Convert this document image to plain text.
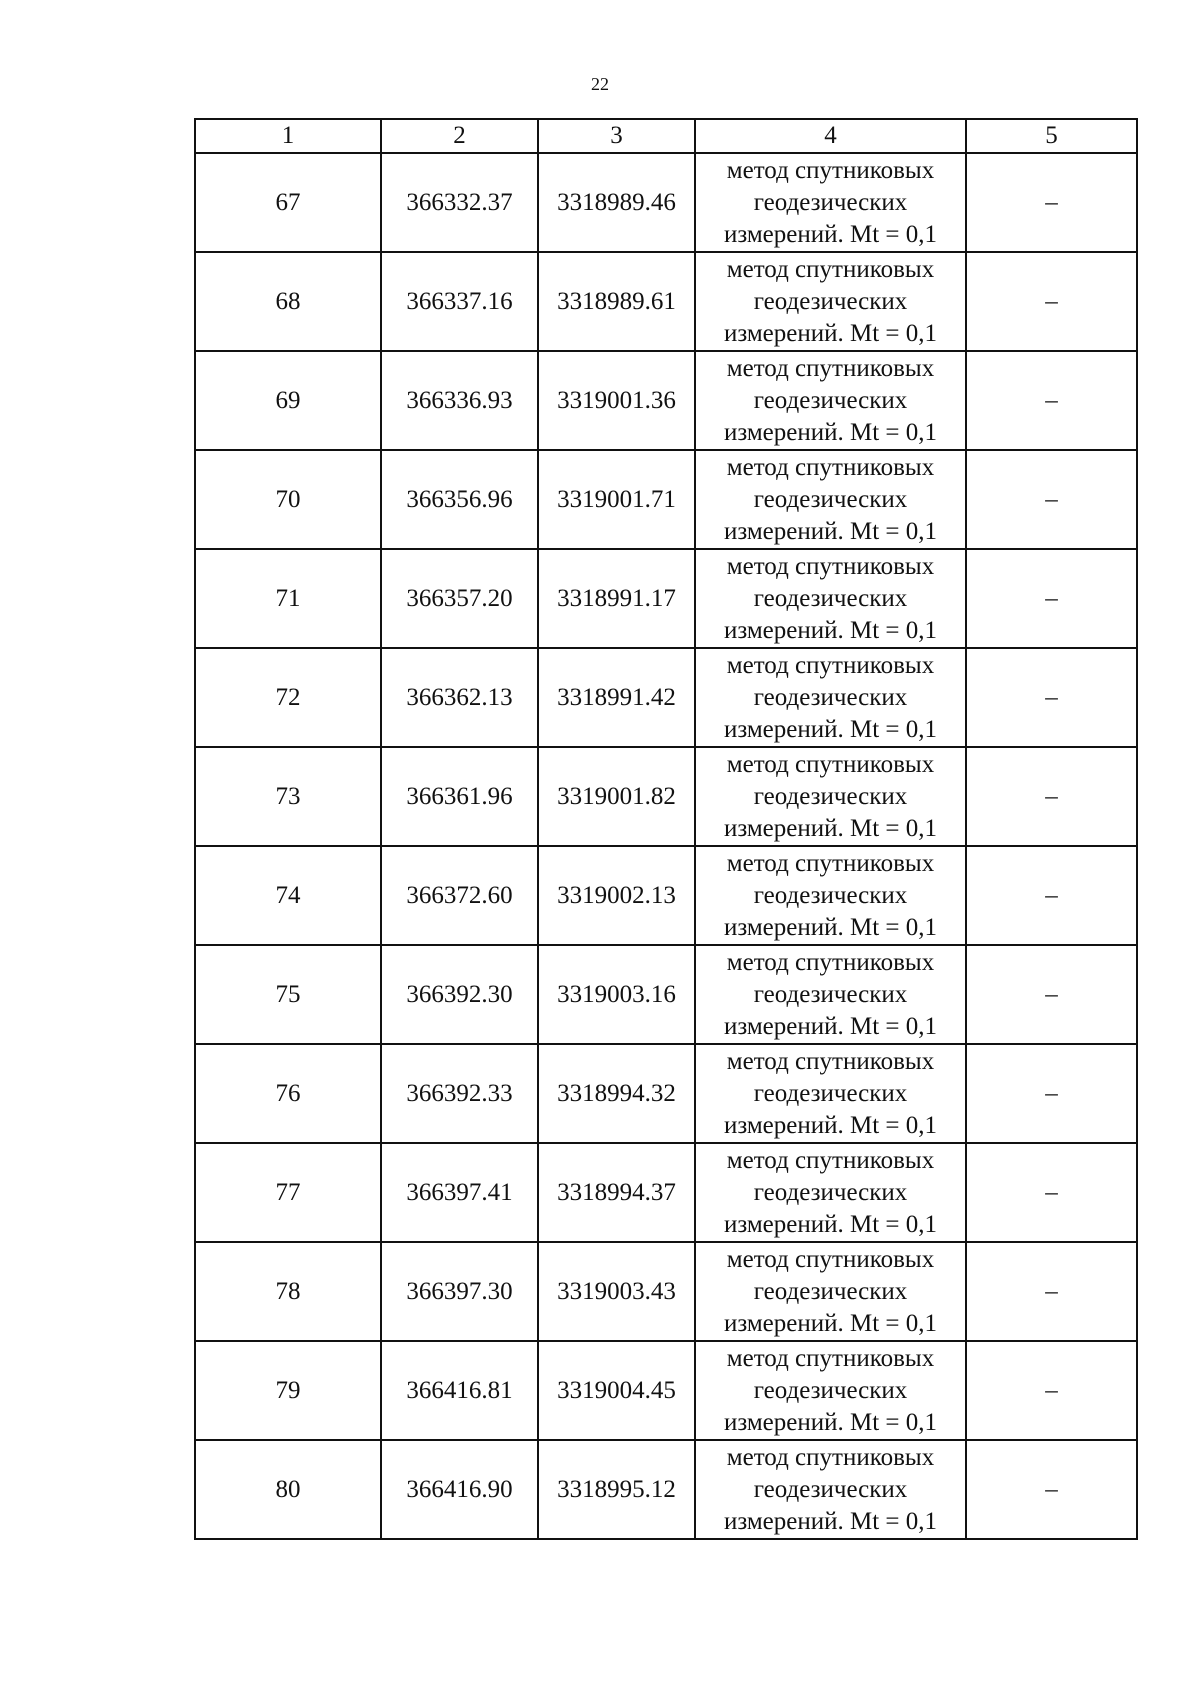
22
1	2	3	4	5
67	366332.37	3318989.46	метод спутниковых
геодезических
измерений. Mt = 0,1	–
68	366337.16	3318989.61	метод спутниковых
геодезических
измерений. Mt = 0,1	–
69	366336.93	3319001.36	метод спутниковых
геодезических
измерений. Mt = 0,1	–
70	366356.96	3319001.71	метод спутниковых
геодезических
измерений. Mt = 0,1	–
71	366357.20	3318991.17	метод спутниковых
геодезических
измерений. Mt = 0,1	–
72	366362.13	3318991.42	метод спутниковых
геодезических
измерений. Mt = 0,1	–
73	366361.96	3319001.82	метод спутниковых
геодезических
измерений. Mt = 0,1	–
74	366372.60	3319002.13	метод спутниковых
геодезических
измерений. Mt = 0,1	–
75	366392.30	3319003.16	метод спутниковых
геодезических
измерений. Mt = 0,1	–
76	366392.33	3318994.32	метод спутниковых
геодезических
измерений. Mt = 0,1	–
77	366397.41	3318994.37	метод спутниковых
геодезических
измерений. Mt = 0,1	–
78	366397.30	3319003.43	метод спутниковых
геодезических
измерений. Mt = 0,1	–
79	366416.81	3319004.45	метод спутниковых
геодезических
измерений. Mt = 0,1	–
80	366416.90	3318995.12	метод спутниковых
геодезических
измерений. Mt = 0,1	–
